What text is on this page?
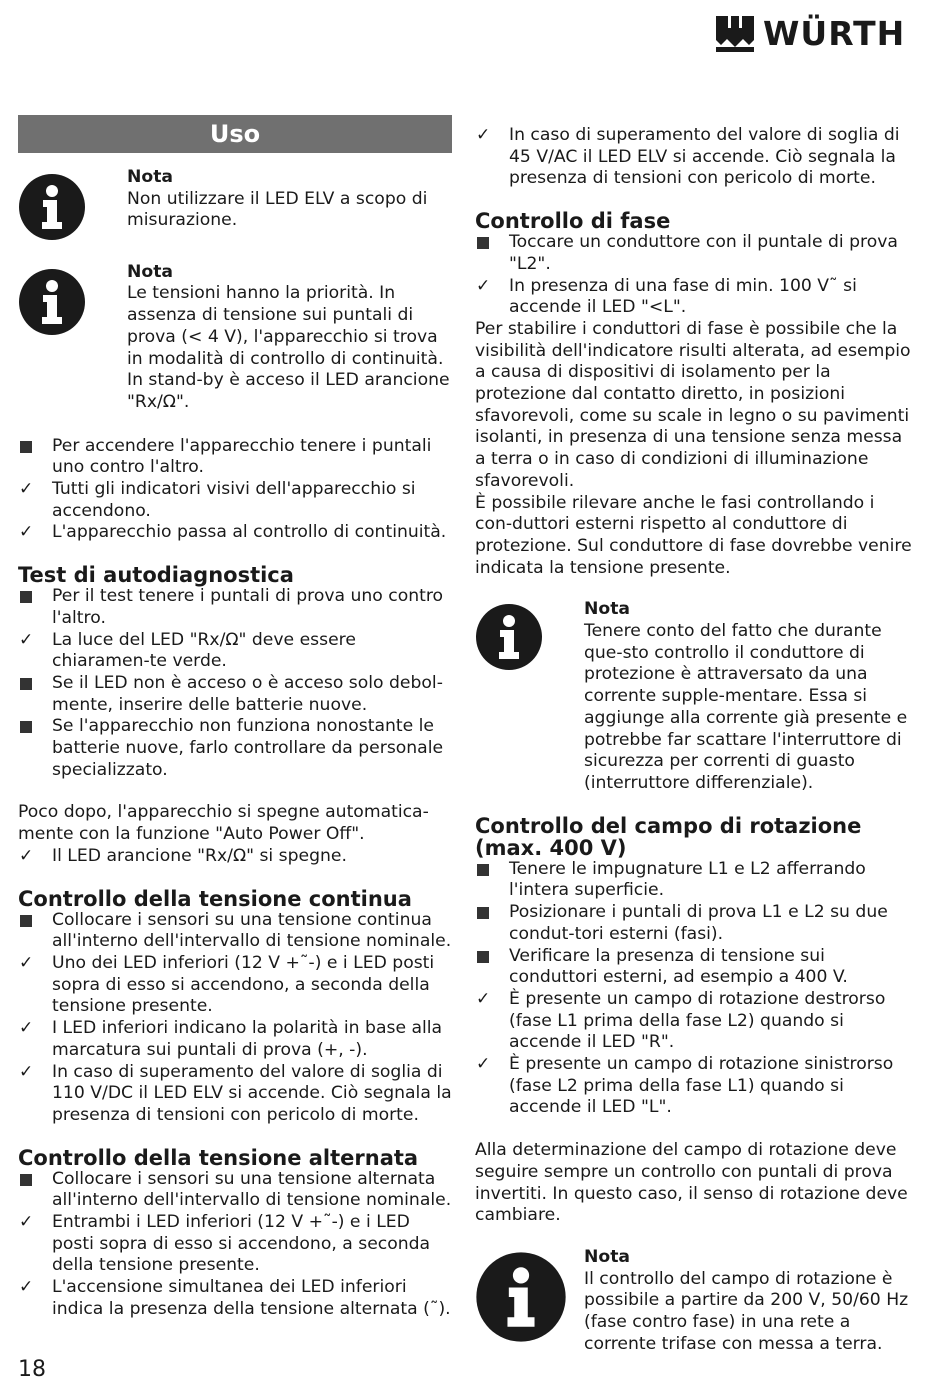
WÜRTH
Uso
Nota
Non utilizzare il LED ELV a scopo di misurazione.
Nota
Le tensioni hanno la priorità. In assenza di tensione sui puntali di prova (< 4 V), l'apparecchio si trova in modalità di controllo di continuità. In stand-by è acceso il LED arancione "Rx/Ω".
Per accendere l'apparecchio tenere i puntali uno contro l'altro.
✓	Tutti gli indicatori visivi dell'apparecchio si accendono.
✓	L'apparecchio passa al controllo di continuità.
Test di autodiagnostica
Per il test tenere i puntali di prova uno contro l'altro.
✓	La luce del LED "Rx/Ω" deve essere chiaramen-te verde.
Se il LED non è acceso o è acceso solo debol-mente, inserire delle batterie nuove.
Se l'apparecchio non funziona nonostante le batterie nuove, farlo controllare da personale specializzato.

Poco dopo, l'apparecchio si spegne automatica-mente con la funzione "Auto Power Off".

✓	Il LED arancione "Rx/Ω" si spegne.
Controllo della tensione continua
Collocare i sensori su una tensione continua all'interno dell'intervallo di tensione nominale.
✓	Uno dei LED inferiori (12 V +˜-) e i LED posti sopra di esso si accendono, a seconda della tensione presente.
✓	I LED inferiori indicano la polarità in base alla marcatura sui puntali di prova (+, -).
✓	In caso di superamento del valore di soglia di 110 V/DC il LED ELV si accende. Ciò segnala la presenza di tensioni con pericolo di morte.
Controllo della tensione alternata
Collocare i sensori su una tensione alternata all'interno dell'intervallo di tensione nominale.
✓	Entrambi i LED inferiori (12 V +˜-) e i LED posti sopra di esso si accendono, a seconda della tensione presente.
✓	L'accensione simultanea dei LED inferiori indica la presenza della tensione alternata (˜).
✓	In caso di superamento del valore di soglia di 45 V/AC il LED ELV si accende. Ciò segnala la presenza di tensioni con pericolo di morte.
Controllo di fase
Toccare un conduttore con il puntale di prova "L2".
✓	In presenza di una fase di min. 100 V˜ si accende il LED "<L".

Per stabilire i conduttori di fase è possibile che la visibilità dell'indicatore risulti alterata, ad esempio a causa di dispositivi di isolamento per la protezione dal contatto diretto, in posizioni sfavorevoli, come su scale in legno o su pavimenti isolanti, in presenza di una tensione senza messa a terra o in caso di condizioni di illuminazione sfavorevoli.

È possibile rilevare anche le fasi controllando i con-duttori esterni rispetto al conduttore di protezione. Sul conduttore di fase dovrebbe venire indicata la tensione presente.

Nota
Tenere conto del fatto che durante que-sto controllo il conduttore di protezione è attraversato da una corrente supple-mentare. Essa si aggiunge alla corrente già presente e potrebbe far scattare l'interruttore di sicurezza per correnti di guasto (interruttore differenziale).
Controllo del campo di rotazione
(max. 400 V)
Tenere le impugnature L1 e L2 afferrando l'intera superficie.
Posizionare i puntali di prova L1 e L2 su due condut-tori esterni (fasi).
Verificare la presenza di tensione sui conduttori esterni, ad esempio a 400 V.
✓	È presente un campo di rotazione destrorso (fase L1 prima della fase L2) quando si accende il LED "R".
✓	È presente un campo di rotazione sinistrorso (fase L2 prima della fase L1) quando si accende il LED "L".

Alla determinazione del campo di rotazione deve seguire sempre un controllo con puntali di prova invertiti. In questo caso, il senso di rotazione deve cambiare.

Nota
Il controllo del campo di rotazione è possibile a partire da 200 V, 50/60 Hz (fase contro fase) in una rete a corrente trifase con messa a terra.
18
